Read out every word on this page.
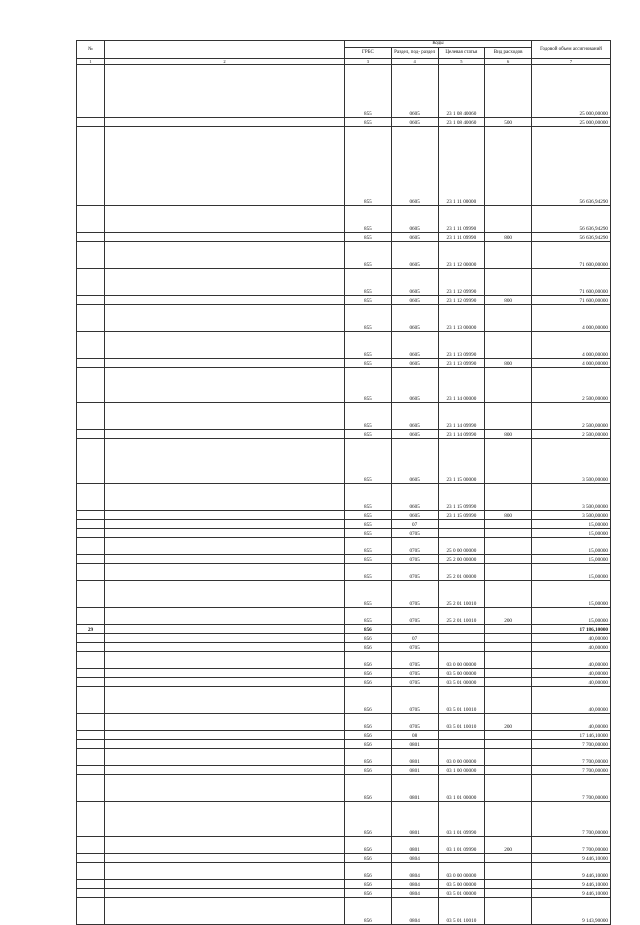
№		Коды				Годовой объем ассигнований
		ГРБС	Раздел, под- раздел	Целевая статья	Вид расходов	
1	2	3	4	5	6	7
		855	0605	23 1 08 40060		25 000,00000
		855	0605	23 1 08 40060	500	25 000,00000
		855	0605	23 1 11 00000		56 636,94290
		855	0605	23 1 11 09990		56 636,94290
		855	0605	23 1 11 09990	800	56 636,94290
		855	0605	23 1 12 00000		71 600,00000
		855	0605	23 1 12 09990		71 600,00000
		855	0605	23 1 12 09990	800	71 600,00000
		855	0605	23 1 13 00000		4 000,00000
		855	0605	23 1 13 09990		4 000,00000
		855	0605	23 1 13 09990	800	4 000,00000
		855	0605	23 1 14 00000		2 500,00000
		855	0605	23 1 14 09990		2 500,00000
		855	0605	23 1 14 09990	800	2 500,00000
		855	0605	23 1 15 00000		3 500,00000
		855	0605	23 1 15 09990		3 500,00000
		855	0605	23 1 15 09990	800	3 500,00000
		855	07			15,00000
		855	0705			15,00000
		855	0705	25 0 00 00000		15,00000
		855	0705	25 2 00 00000		15,00000
		855	0705	25 2 01 00000		15,00000
		855	0705	25 2 01 10010		15,00000
		855	0705	25 2 01 10010	200	15,00000
29		856				17 186,10000
		856	07			40,00000
		856	0705			40,00000
		856	0705	03 0 00 00000		40,00000
		856	0705	03 5 00 00000		40,00000
		856	0705	03 5 01 00000		40,00000
		856	0705	03 5 01 10010		40,00000
		856	0705	03 5 01 10010	200	40,00000
		856	08			17 146,10000
		856	0801			7 700,00000
		856	0801	03 0 00 00000		7 700,00000
		856	0801	03 1 00 00000		7 700,00000
		856	0801	03 1 01 00000		7 700,00000
		856	0801	03 1 01 09990		7 700,00000
		856	0801	03 1 01 09990	200	7 700,00000
		856	0804			9 446,10000
		856	0804	03 0 00 00000		9 446,10000
		856	0804	03 5 00 00000		9 446,10000
		856	0804	03 5 01 00000		9 446,10000
		856	0804	03 5 01 10010		9 143,90000
